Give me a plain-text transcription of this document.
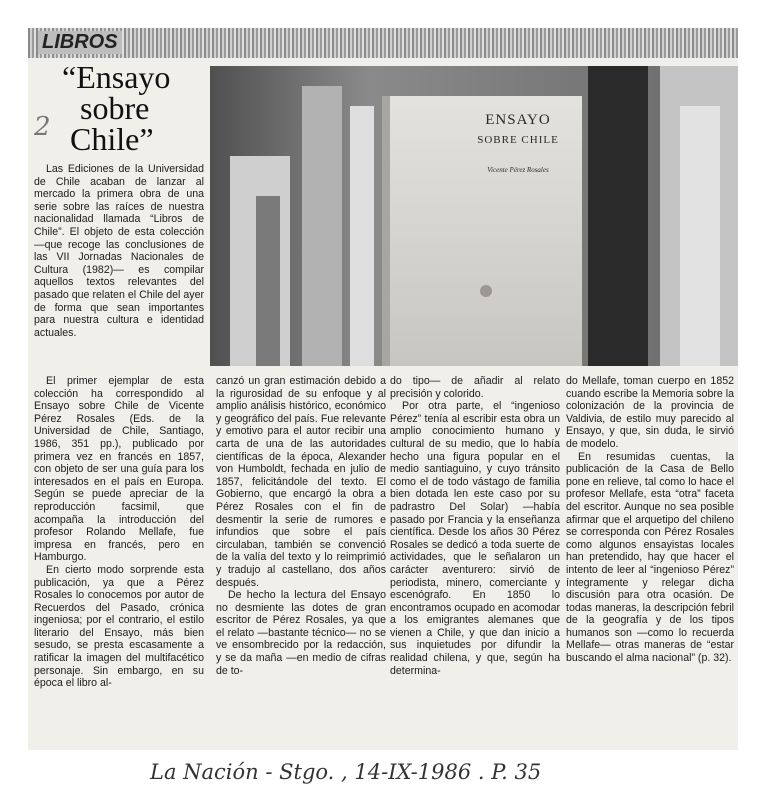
LIBROS
2
“Ensayo
sobre
Chile”
ENSAYO
SOBRE CHILE
Vicente Pérez Rosales

Las Ediciones de la Universidad de Chile acaban de lanzar al mercado la primera obra de una serie sobre las raíces de nuestra nacionalidad llamada “Libros de Chile”. El objeto de esta colección —que recoge las conclusiones de las VII Jornadas Nacionales de Cultura (1982)— es compilar aquellos textos relevantes del pasado que relaten el Chile del ayer de forma que sean importantes para nuestra cultura e identidad actuales.

El primer ejemplar de esta colección ha correspondido al Ensayo sobre Chile de Vicente Pérez Rosales (Eds. de la Universidad de Chile, Santiago, 1986, 351 pp.), publicado por primera vez en francés en 1857, con objeto de ser una guía para los interesados en el país en Europa. Según se puede apreciar de la reproducción facsimil, que acompaña la introducción del profesor Rolando Mellafe, fue impresa en francés, pero en Hamburgo.

En cierto modo sorprende esta publicación, ya que a Pérez Rosales lo conocemos por autor de Recuerdos del Pasado, crónica ingeniosa; por el contrario, el estilo literario del Ensayo, más bien sesudo, se presta escasamente a ratificar la imagen del multifacético personaje. Sin embargo, en su época el libro al-

canzó un gran estimación debido a la rigurosidad de su enfoque y al amplio análisis histórico, económico y geográfico del país. Fue relevante y emotivo para el autor recibir una carta de una de las autoridades científicas de la época, Alexander von Humboldt, fechada en julio de 1857, felicitándole del texto. El Gobierno, que encargó la obra a Pérez Rosales con el fin de desmentir la serie de rumores e infundios que sobre el país circulaban, también se convenció de la valía del texto y lo reimprimió y tradujo al castellano, dos años después.

De hecho la lectura del Ensayo no desmiente las dotes de gran escritor de Pérez Rosales, ya que el relato —bastante técnico— no se ve ensombrecido por la redacción, y se da maña —en medio de cifras de to-

do tipo— de añadir al relato precisión y colorido.

Por otra parte, el “ingenioso Pérez” tenía al escribir esta obra un amplio conocimiento humano y cultural de su medio, que lo había hecho una figura popular en el medio santiaguino, y cuyo tránsito como el de todo vástago de familia bien dotada len este caso por su padrastro Del Solar) —había pasado por Francia y la enseñanza científica. Desde los años 30 Pérez Rosales se dedicó a toda suerte de actividades, que le señalaron un carácter aventurero: sirvió de periodista, minero, comerciante y escenógrafo. En 1850 lo encontramos ocupado en acomodar a los emigrantes alemanes que vienen a Chile, y que dan inicio a sus inquietudes por difundir la realidad chilena, y que, según ha determina-

do Mellafe, toman cuerpo en 1852 cuando escribe la Memoria sobre la colonización de la provincia de Valdivia, de estilo muy parecido al Ensayo, y que, sin duda, le sirvió de modelo.

En resumidas cuentas, la publicación de la Casa de Bello pone en relieve, tal como lo hace el profesor Mellafe, esta “otra” faceta del escritor. Aunque no sea posible afirmar que el arquetipo del chileno se corresponda con Pérez Rosales como algunos ensayistas locales han pretendido, hay que hacer el intento de leer al “ingenioso Pérez” íntegramente y relegar dicha discusión para otra ocasión. De todas maneras, la descripción febril de la geografía y de los tipos humanos son —como lo recuerda Mellafe— otras maneras de “estar buscando el alma nacional” (p. 32).

La Nación - Stgo. , 14-IX-1986 . P. 35
